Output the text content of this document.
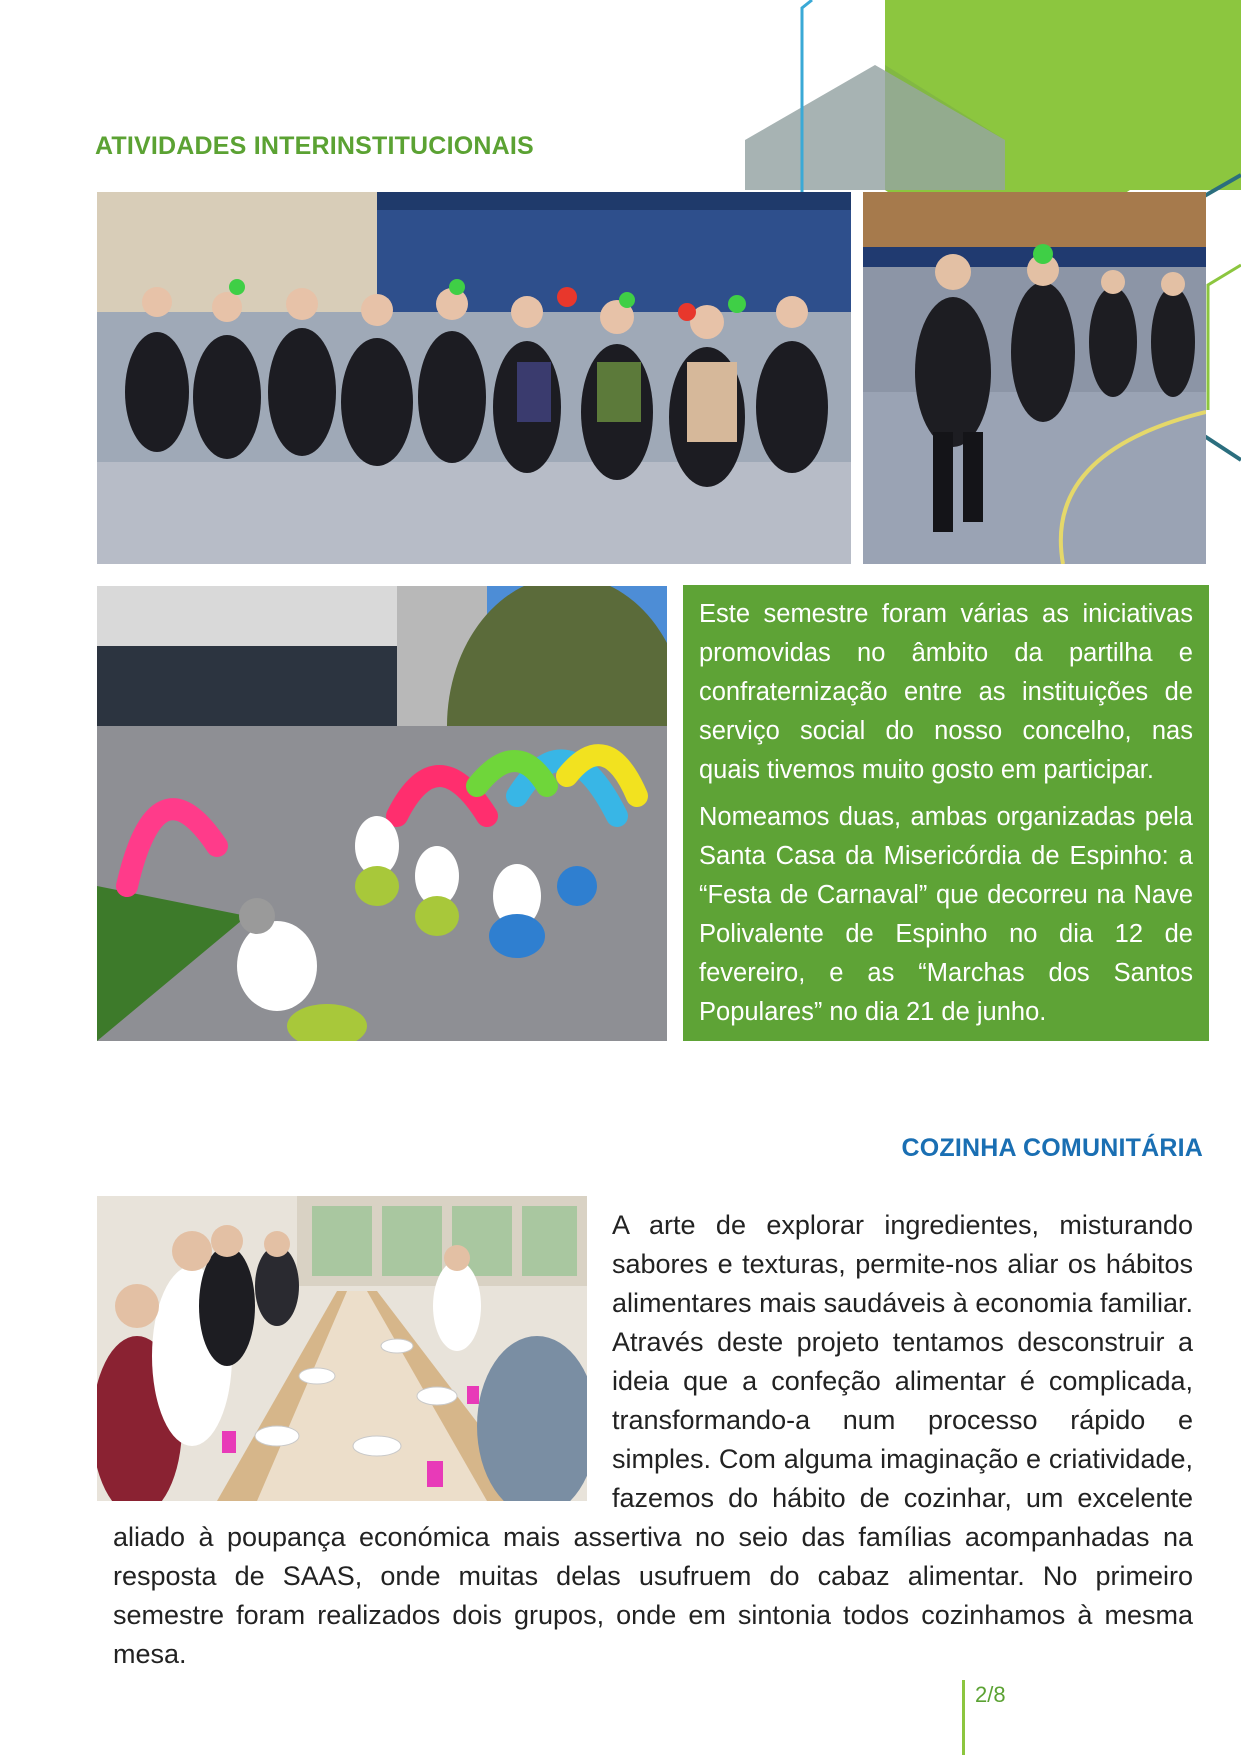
ATIVIDADES INTERINSTITUCIONAIS

Este semestre foram várias as iniciativas promovidas no âmbito da partilha e confraternização entre as instituições de serviço social do nosso concelho, nas quais tivemos muito gosto em participar.

Nomeamos duas, ambas organizadas pela Santa Casa da Misericórdia de Espinho: a “Festa de Carnaval” que decorreu na Nave Polivalente de Espinho no dia 12 de fevereiro, e as “Marchas dos Santos Populares” no dia 21 de junho.

COZINHA COMUNITÁRIA
A arte de explorar ingredientes, misturando sabores e texturas, permite-nos aliar os hábitos alimentares mais saudáveis à economia familiar. Através deste projeto tentamos desconstruir a ideia que a confeção alimentar é complicada, transformando-a num processo rápido e simples. Com alguma imaginação e criatividade, fazemos do hábito de cozinhar, um excelente aliado à poupança económica mais assertiva no seio das famílias acompanhadas na resposta de SAAS, onde muitas delas usufruem do cabaz alimentar. No primeiro semestre foram realizados dois grupos, onde em sintonia todos cozinhamos à mesma mesa.
2/8
